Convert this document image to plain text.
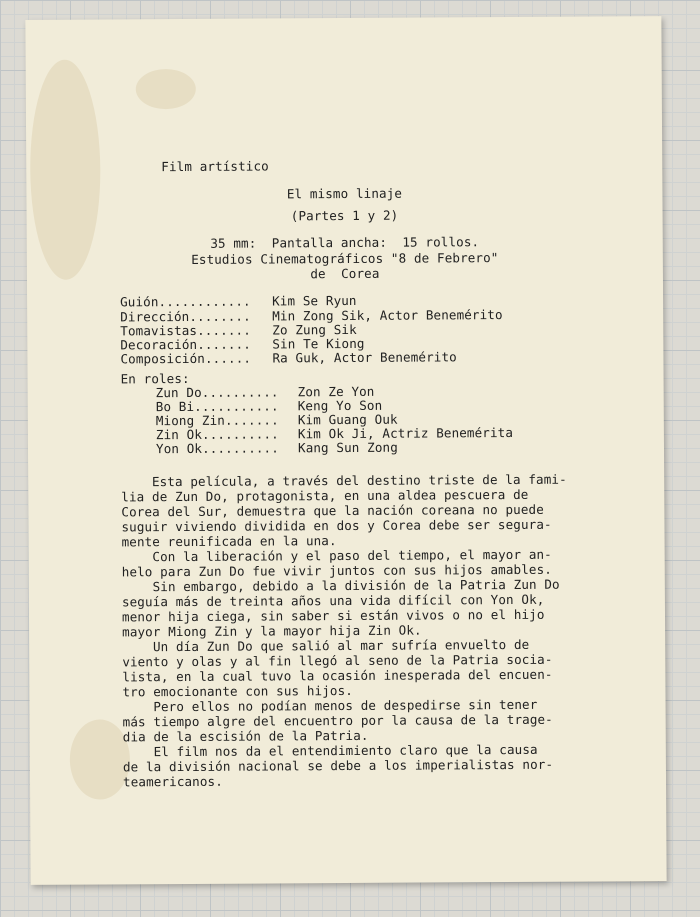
Film artístico
El mismo linaje
(Partes 1 y 2)
35 mm:  Pantalla ancha:  15 rollos.
Estudios Cinematográficos "8 de Febrero"
de  Corea
Guión............ Kim Se Ryun
Dirección........ Min Zong Sik, Actor Benemérito
Tomavistas....... Zo Zung Sik
Decoración....... Sin Te Kiong
Composición...... Ra Guk, Actor Benemérito
En roles:
Zun Do.......... Zon Ze Yon
Bo Bi........... Keng Yo Son
Miong Zin....... Kim Guang Ouk
Zin Ok.......... Kim Ok Ji, Actriz Benemérita
Yon Ok.......... Kang Sun Zong
Esta película, a través del destino triste de la fami-
lia de Zun Do, protagonista, en una aldea pescuera de
Corea del Sur, demuestra que la nación coreana no puede
suguir viviendo dividida en dos y Corea debe ser segura-
mente reunificada en la una.
Con la liberación y el paso del tiempo, el mayor an-
helo para Zun Do fue vivir juntos con sus hijos amables.
Sin embargo, debido a la división de la Patria Zun Do
seguía más de treinta años una vida difícil con Yon Ok,
menor hija ciega, sin saber si están vivos o no el hijo
mayor Miong Zin y la mayor hija Zin Ok.
Un día Zun Do que salió al mar sufría envuelto de
viento y olas y al fin llegó al seno de la Patria socia-
lista, en la cual tuvo la ocasión inesperada del encuen-
tro emocionante con sus hijos.
Pero ellos no podían menos de despedirse sin tener
más tiempo algre del encuentro por la causa de la trage-
dia de la escisión de la Patria.
El film nos da el entendimiento claro que la causa
de la división nacional se debe a los imperialistas nor-
teamericanos.
